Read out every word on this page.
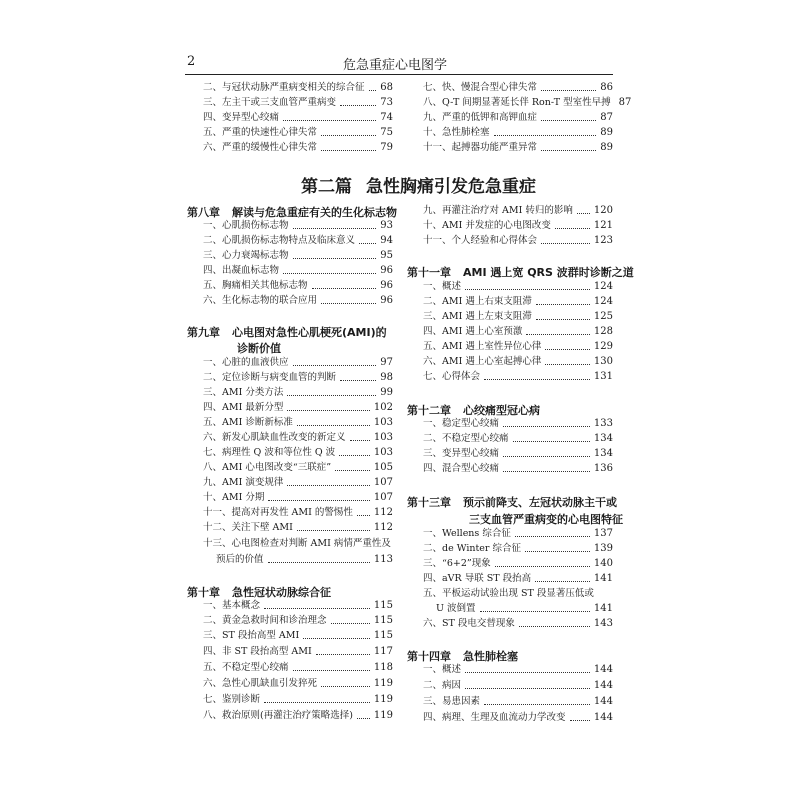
2	危急重症心电图学
二、与冠状动脉严重病变相关的综合征 68
三、左主干或三支血管严重病变	73
四、变异型心绞痛	74
五、严重的快速性心律失常	75
六、严重的缓慢性心律失常	79
七、快、慢混合型心律失常	86
八、Q-T 间期显著延长伴 Ron-T 型室性早搏 87
九、严重的低钾和高钾血症	87
十、急性肺栓塞	89
十一、起搏器功能严重异常	89
第二篇 急性胸痛引发危急重症
第八章 解读与危急重症有关的生化标志物
一、心肌损伤标志物	93
二、心肌损伤标志物特点及临床意义	94
三、心力衰竭标志物	95
四、出凝血标志物	96
五、胸痛相关其他标志物	96
六、生化标志物的联合应用	96
第九章 心电图对急性心肌梗死(AMI)的
诊断价值
一、心脏的血液供应	97
二、定位诊断与病变血管的判断	98
三、AMI 分类方法	99
四、AMI 最新分型	102
五、AMI 诊断新标准	103
六、新发心肌缺血性改变的新定义	103
七、病理性 Q 波和等位性 Q 波	103
八、AMI 心电图改变“三联症”	105
九、AMI 演变规律	107
十、AMI 分期	107
十一、提高对再发性 AMI 的警惕性 112
十二、关注下壁 AMI	112
十三、心电图检查对判断 AMI 病情严重性及
预后的价值	113
第十章 急性冠状动脉综合征
一、基本概念	115
二、黄金急救时间和诊治理念	115
三、ST 段抬高型 AMI	115
四、非 ST 段抬高型 AMI	117
五、不稳定型心绞痛	118
六、急性心肌缺血引发猝死	119
七、鉴别诊断	119
八、救治原则(再灌注治疗策略选择) 119
九、再灌注治疗对 AMI 转归的影响 120
十、AMI 并发症的心电图改变	121
十一、个人经验和心得体会	123
第十一章 AMI 遇上宽 QRS 波群时诊断之道
一、概述	124
二、AMI 遇上右束支阻滞	124
三、AMI 遇上左束支阻滞	125
四、AMI 遇上心室预激	128
五、AMI 遇上室性异位心律	129
六、AMI 遇上心室起搏心律	130
七、心得体会	131
第十二章 心绞痛型冠心病
一、稳定型心绞痛	133
二、不稳定型心绞痛	134
三、变异型心绞痛	134
四、混合型心绞痛	136
第十三章 预示前降支、左冠状动脉主干或
三支血管严重病变的心电图特征
一、Wellens 综合征	137
二、de Winter 综合征	139
三、“6+2”现象	140
四、aVR 导联 ST 段抬高	141
五、平板运动试验出现 ST 段显著压低或
U 波倒置	141
六、ST 段电交替现象	143
第十四章 急性肺栓塞
一、概述	144
二、病因	144
三、易患因素	144
四、病理、生理及血流动力学改变	144
